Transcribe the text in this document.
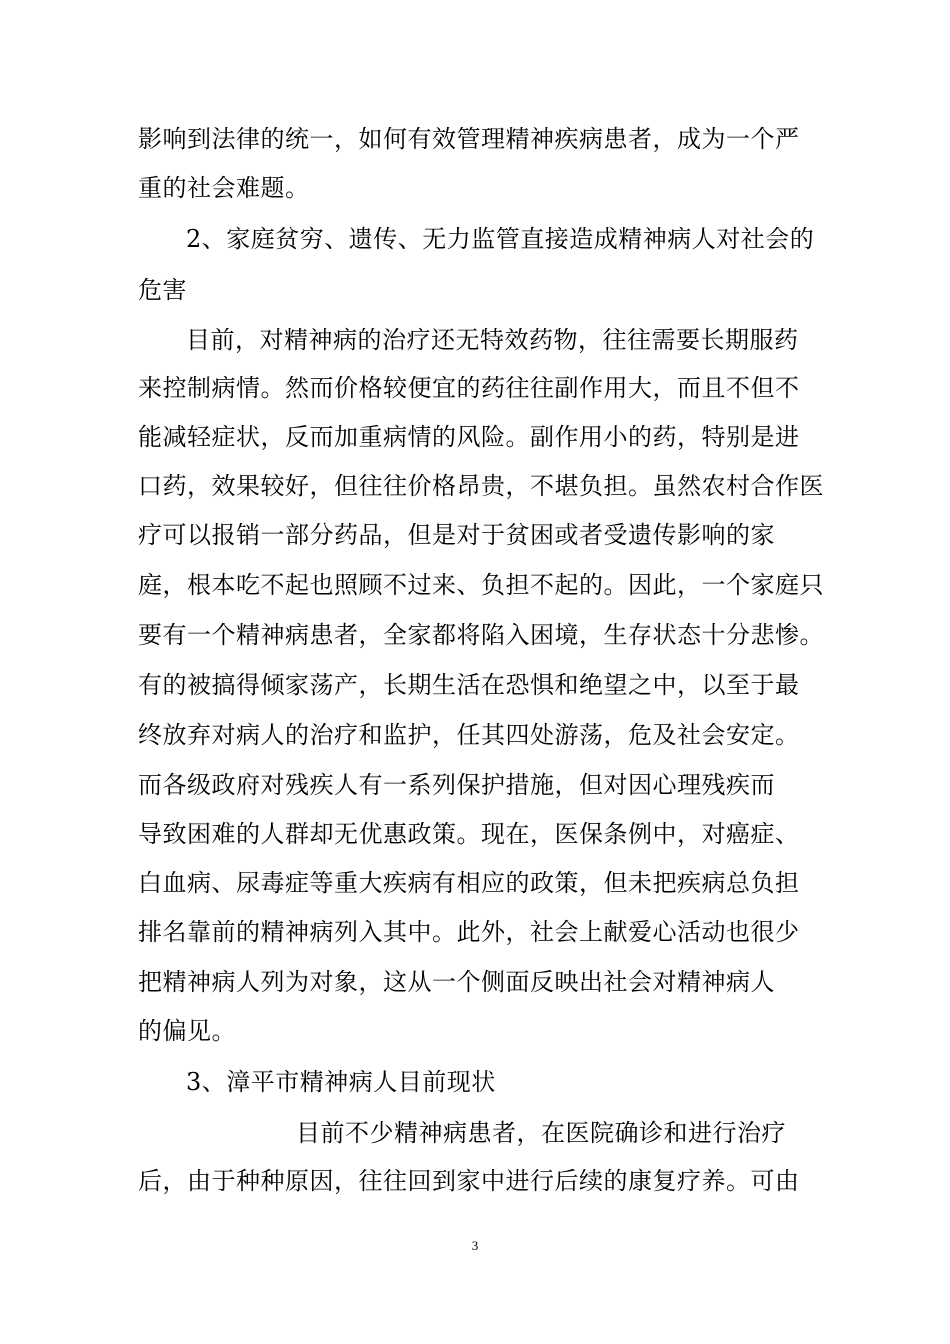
影响到法律的统一，如何有效管理精神疾病患者，成为一个严
重的社会难题。
2、家庭贫穷、遗传、无力监管直接造成精神病人对社会的
危害
目前，对精神病的治疗还无特效药物，往往需要长期服药
来控制病情。然而价格较便宜的药往往副作用大，而且不但不
能减轻症状，反而加重病情的风险。副作用小的药，特别是进
口药，效果较好，但往往价格昂贵，不堪负担。虽然农村合作医
疗可以报销一部分药品，但是对于贫困或者受遗传影响的家
庭，根本吃不起也照顾不过来、负担不起的。因此，一个家庭只
要有一个精神病患者，全家都将陷入困境，生存状态十分悲惨。
有的被搞得倾家荡产，长期生活在恐惧和绝望之中，以至于最
终放弃对病人的治疗和监护，任其四处游荡，危及社会安定。
而各级政府对残疾人有一系列保护措施，但对因心理残疾而
导致困难的人群却无优惠政策。现在，医保条例中，对癌症、
白血病、尿毒症等重大疾病有相应的政策，但未把疾病总负担
排名靠前的精神病列入其中。此外，社会上献爱心活动也很少
把精神病人列为对象，这从一个侧面反映出社会对精神病人
的偏见。
3、漳平市精神病人目前现状
目前不少精神病患者，在医院确诊和进行治疗
后，由于种种原因，往往回到家中进行后续的康复疗养。可由
3
